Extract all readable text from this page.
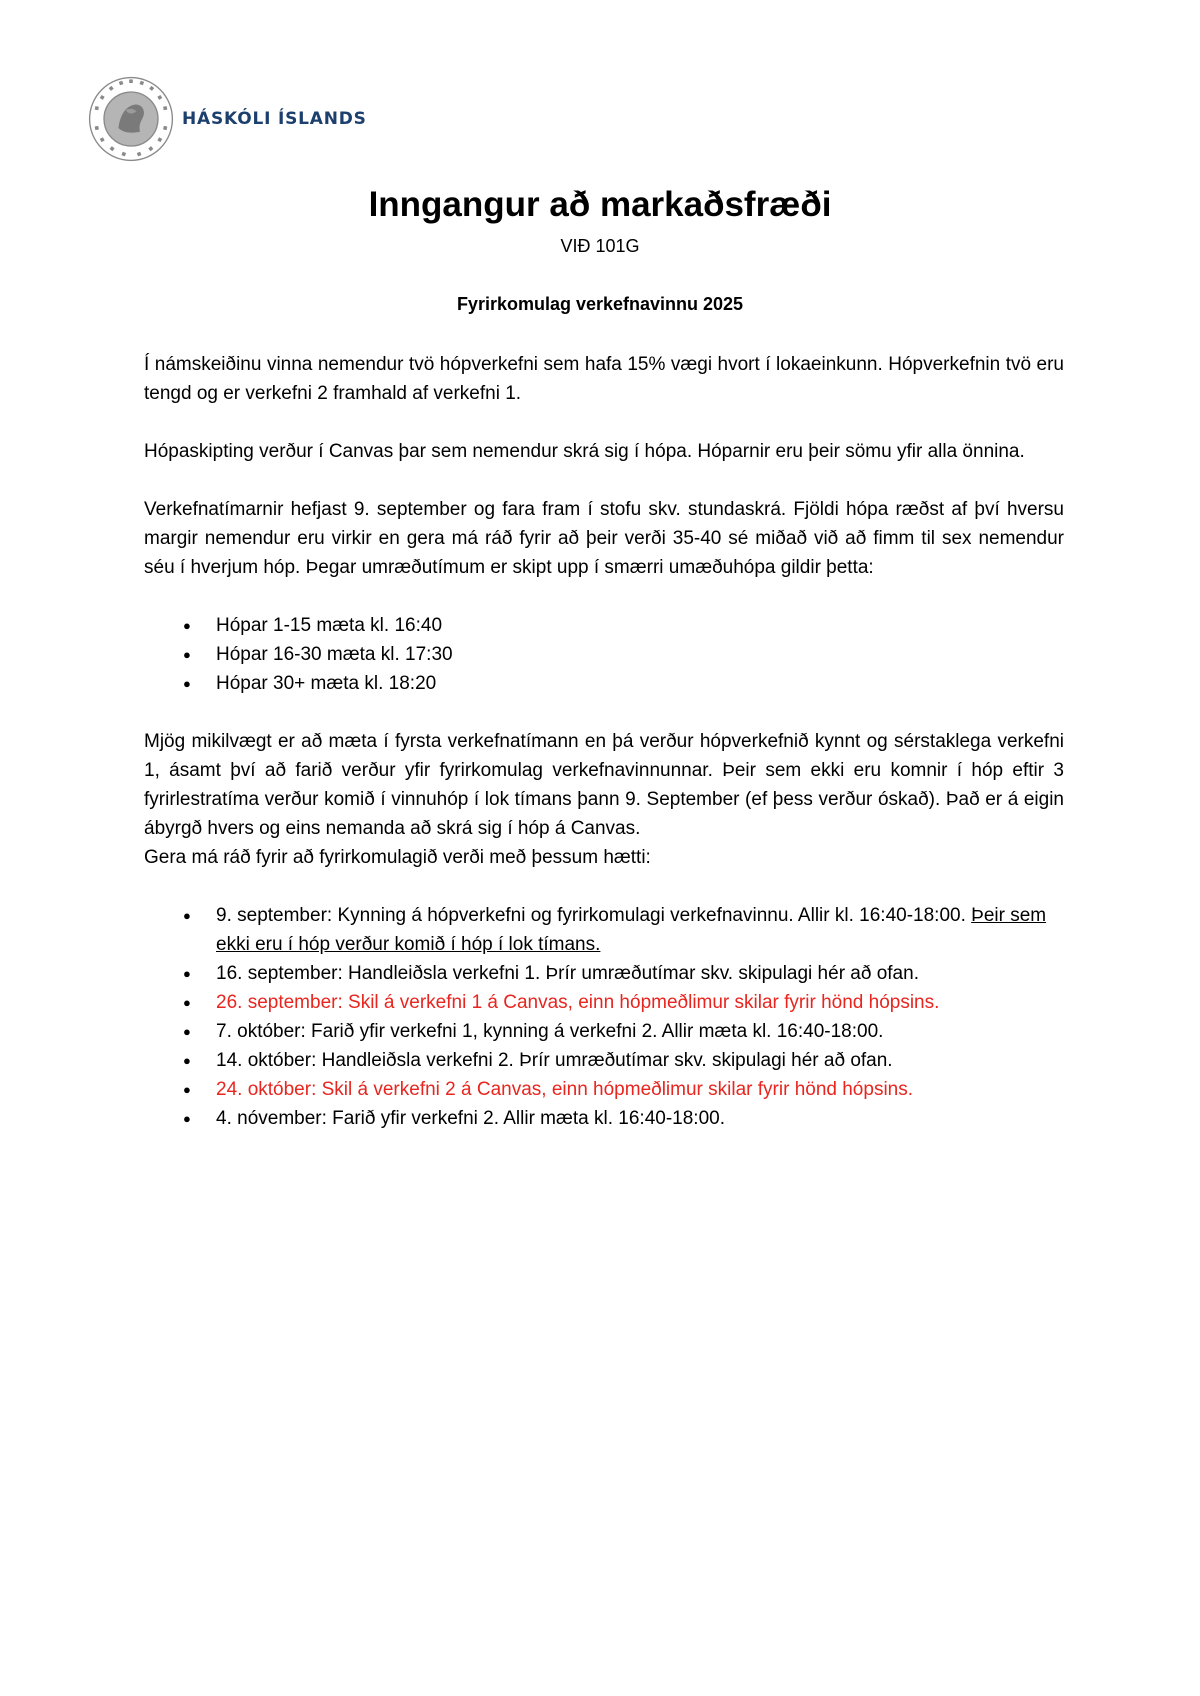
HÁSKÓLI ÍSLANDS
Inngangur að markaðsfræði
VIÐ 101G
Fyrirkomulag verkefnavinnu 2025

Í námskeiðinu vinna nemendur tvö hópverkefni sem hafa 15% vægi hvort í lokaeinkunn. Hópverkefnin tvö eru tengd og er verkefni 2 framhald af verkefni 1.

Hópaskipting verður í Canvas þar sem nemendur skrá sig í hópa. Hóparnir eru þeir sömu yfir alla önnina.

Verkefnatímarnir hefjast 9. september og fara fram í stofu skv. stundaskrá. Fjöldi hópa ræðst af því hversu margir nemendur eru virkir en gera má ráð fyrir að þeir verði 35-40 sé miðað við að fimm til sex nemendur séu í hverjum hóp. Þegar umræðutímum er skipt upp í smærri umæðuhópa gildir þetta:

● Hópar 1-15 mæta kl. 16:40
● Hópar 16-30 mæta kl. 17:30
● Hópar 30+ mæta kl. 18:20

Mjög mikilvægt er að mæta í fyrsta verkefnatímann en þá verður hópverkefnið kynnt og sérstaklega verkefni 1, ásamt því að farið verður yfir fyrirkomulag verkefnavinnunnar. Þeir sem ekki eru komnir í hóp eftir 3 fyrirlestratíma verður komið í vinnuhóp í lok tímans þann 9. September (ef þess verður óskað). Það er á eigin ábyrgð hvers og eins nemanda að skrá sig í hóp á Canvas.

Gera má ráð fyrir að fyrirkomulagið verði með þessum hætti:

● 9. september: Kynning á hópverkefni og fyrirkomulagi verkefnavinnu. Allir kl. 16:40-18:00. Þeir sem ekki eru í hóp verður komið í hóp í lok tímans.
● 16. september: Handleiðsla verkefni 1. Þrír umræðutímar skv. skipulagi hér að ofan.
● 26. september: Skil á verkefni 1 á Canvas, einn hópmeðlimur skilar fyrir hönd hópsins.
● 7. október: Farið yfir verkefni 1, kynning á verkefni 2. Allir mæta kl. 16:40-18:00.
● 14. október: Handleiðsla verkefni 2. Þrír umræðutímar skv. skipulagi hér að ofan.
● 24. október: Skil á verkefni 2 á Canvas, einn hópmeðlimur skilar fyrir hönd hópsins.
● 4. nóvember: Farið yfir verkefni 2. Allir mæta kl. 16:40-18:00.
